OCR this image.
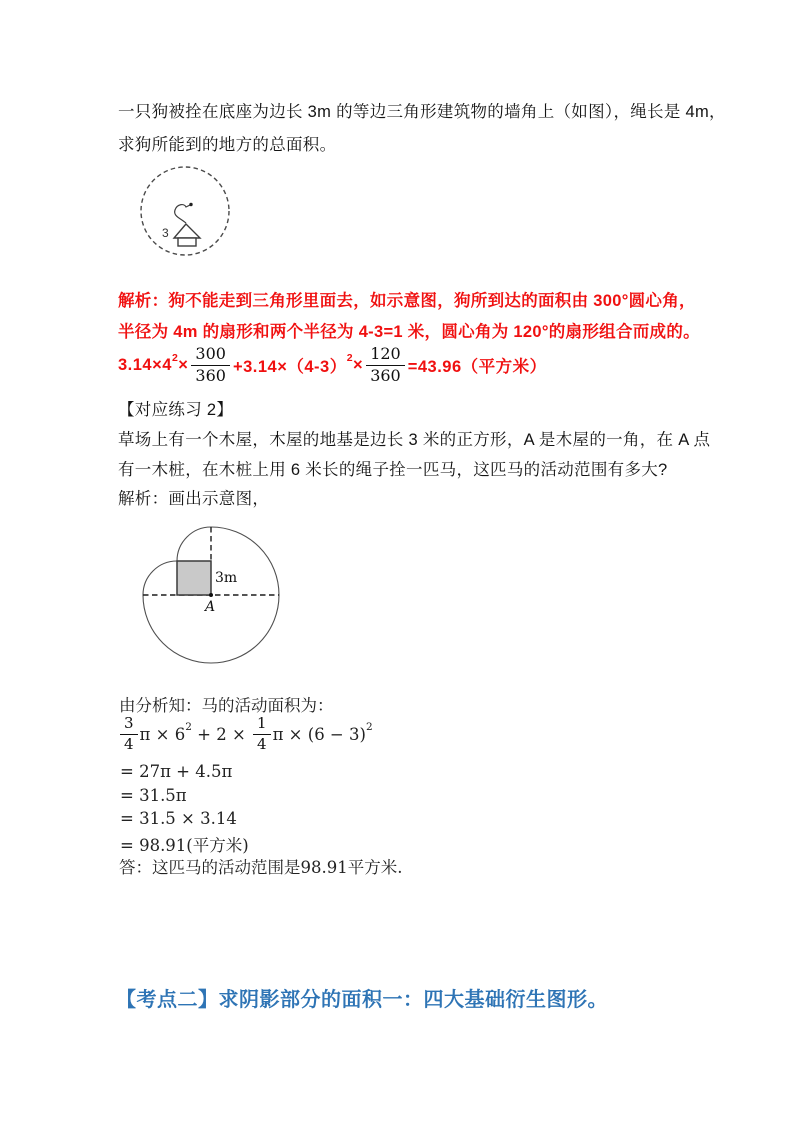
一只狗被拴在底座为边长 3m 的等边三角形建筑物的墙角上（如图），绳长是 4m，
求狗所能到的地方的总面积。
3
解析：狗不能走到三角形里面去，如示意图，狗所到达的面积由 300°圆心角，
半径为 4m 的扇形和两个半径为 4-3=1 米，圆心角为 120°的扇形组合而成的。
3.14×4 $2 \times \frac{300}{360} +3.14\times(4-3) 2 \times \frac{120}{360} =43.96$（平方米）
【对应练习 2】
草场上有一个木屋，木屋的地基是边长 3 米的正方形，A 是木屋的一角，在 A 点
有一木桩，在木桩上用 6 米长的绳子拴一匹马，这匹马的活动范围有多大?
解析：画出示意图，
3m
A
由分析知：马的活动面积为：
$\frac{3}{4}$ π × 6 $2 + 2 \times \frac{1}{4}$ π × (6 − 3) 2
= 27π + 4.5π
= 31.5π
= 31.5 × 3.14
= 98.91(平方米)
答：这匹马的活动范围是98.91平方米.
【考点二】求阴影部分的面积一：四大基础衍生图形。
